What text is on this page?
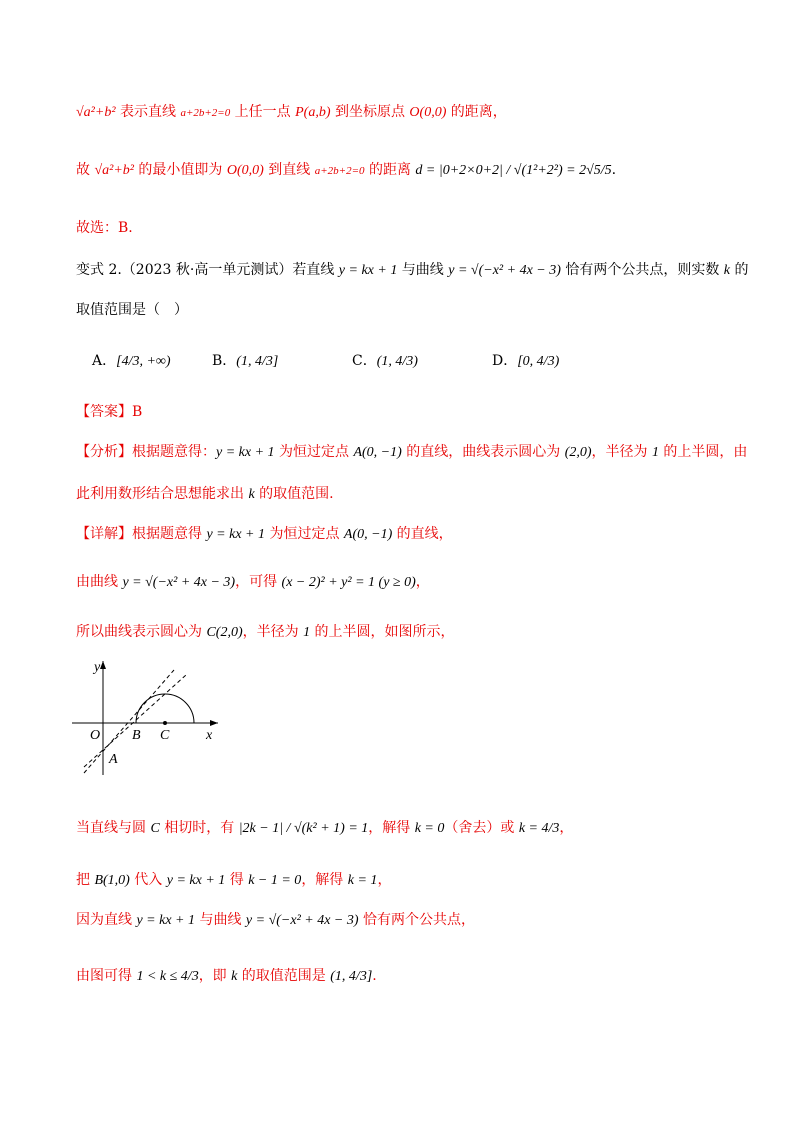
√a²+b² 表示直线 a+2b+2=0 上任一点 P(a,b) 到坐标原点 O(0,0) 的距离，
故 √a²+b² 的最小值即为 O(0,0) 到直线 a+2b+2=0 的距离 d = |0+2×0+2| / √(1²+2²) = 2√5/5.
故选：B.
变式 2.（2023 秋·高一单元测试）若直线 y = kx + 1 与曲线 y = √(−x² + 4x − 3) 恰有两个公共点，则实数 k 的
取值范围是（　）
A．[4/3, +∞)	B．(1, 4/3]	C．(1, 4/3)	D．[0, 4/3)
【答案】B
【分析】根据题意得：y = kx + 1 为恒过定点 A(0, −1) 的直线，曲线表示圆心为 (2,0)，半径为 1 的上半圆，由
此利用数形结合思想能求出 k 的取值范围.
【详解】根据题意得 y = kx + 1 为恒过定点 A(0, −1) 的直线，
由曲线 y = √(−x² + 4x − 3)，可得 (x − 2)² + y² = 1 (y ≥ 0)，
所以曲线表示圆心为 C(2,0)，半径为 1 的上半圆，如图所示，
y
x
O B C
A
当直线与圆 C 相切时，有 |2k − 1| / √(k² + 1) = 1，解得 k = 0（舍去）或 k = 4/3，
把 B(1,0) 代入 y = kx + 1 得 k − 1 = 0，解得 k = 1，
因为直线 y = kx + 1 与曲线 y = √(−x² + 4x − 3) 恰有两个公共点，
由图可得 1 < k ≤ 4/3，即 k 的取值范围是 (1, 4/3].
